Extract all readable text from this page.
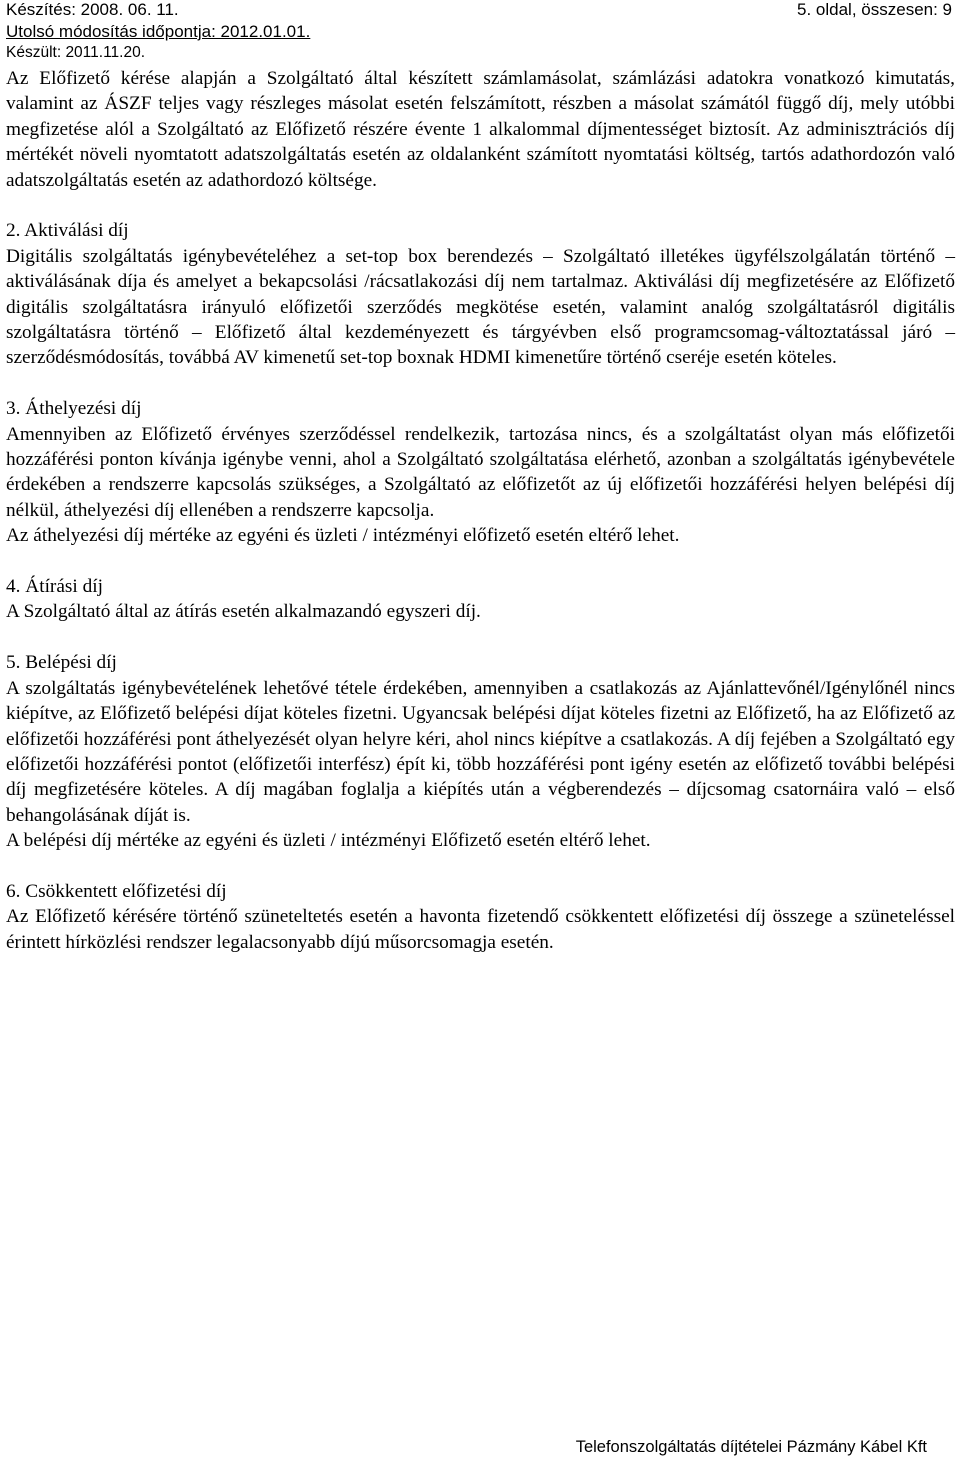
Készítés: 2008. 06. 11.	5. oldal, összesen: 9
Utolsó módosítás időpontja: 2012.01.01.
Készült: 2011.11.20.

Az Előfizető kérése alapján a Szolgáltató által készített számlamásolat, számlázási adatokra vonatkozó kimutatás, valamint az ÁSZF teljes vagy részleges másolat esetén felszámított, részben a másolat számától függő díj, mely utóbbi megfizetése alól a Szolgáltató az Előfizető részére évente 1 alkalommal díjmentességet biztosít. Az adminisztrációs díj mértékét növeli nyomtatott adatszolgáltatás esetén az oldalanként számított nyomtatási költség, tartós adathordozón való adatszolgáltatás esetén az adathordozó költsége.

2. Aktiválási díj

Digitális szolgáltatás igénybevételéhez a set-top box berendezés – Szolgáltató illetékes ügyfélszolgálatán történő – aktiválásának díja és amelyet a bekapcsolási /rácsatlakozási díj nem tartalmaz. Aktiválási díj megfizetésére az Előfizető digitális szolgáltatásra irányuló előfizetői szerződés megkötése esetén, valamint analóg szolgáltatásról digitális szolgáltatásra történő – Előfizető által kezdeményezett és tárgyévben első programcsomag-változtatással járó – szerződésmódosítás, továbbá AV kimenetű set-top boxnak HDMI kimenetűre történő cseréje esetén köteles.

3. Áthelyezési díj

Amennyiben az Előfizető érvényes szerződéssel rendelkezik, tartozása nincs, és a szolgáltatást olyan más előfizetői hozzáférési ponton kívánja igénybe venni, ahol a Szolgáltató szolgáltatása elérhető, azonban a szolgáltatás igénybevétele érdekében a rendszerre kapcsolás szükséges, a Szolgáltató az előfizetőt az új előfizetői hozzáférési helyen belépési díj nélkül, áthelyezési díj ellenében a rendszerre kapcsolja.

Az áthelyezési díj mértéke az egyéni és üzleti / intézményi előfizető esetén eltérő lehet.

4. Átírási díj

A Szolgáltató által az átírás esetén alkalmazandó egyszeri díj.

5. Belépési díj

A szolgáltatás igénybevételének lehetővé tétele érdekében, amennyiben a csatlakozás az Ajánlattevőnél/Igénylőnél nincs kiépítve, az Előfizető belépési díjat köteles fizetni. Ugyancsak belépési díjat köteles fizetni az Előfizető, ha az Előfizető az előfizetői hozzáférési pont áthelyezését olyan helyre kéri, ahol nincs kiépítve a csatlakozás. A díj fejében a Szolgáltató egy előfizetői hozzáférési pontot (előfizetői interfész) épít ki, több hozzáférési pont igény esetén az előfizető további belépési díj megfizetésére köteles. A díj magában foglalja a kiépítés után a végberendezés – díjcsomag csatornáira való – első behangolásának díját is.

A belépési díj mértéke az egyéni és üzleti / intézményi Előfizető esetén eltérő lehet.

6. Csökkentett előfizetési díj

Az Előfizető kérésére történő szüneteltetés esetén a havonta fizetendő csökkentett előfizetési díj összege a szüneteléssel érintett hírközlési rendszer legalacsonyabb díjú műsorcsomagja esetén.

Telefonszolgáltatás díjtételei Pázmány Kábel Kft
